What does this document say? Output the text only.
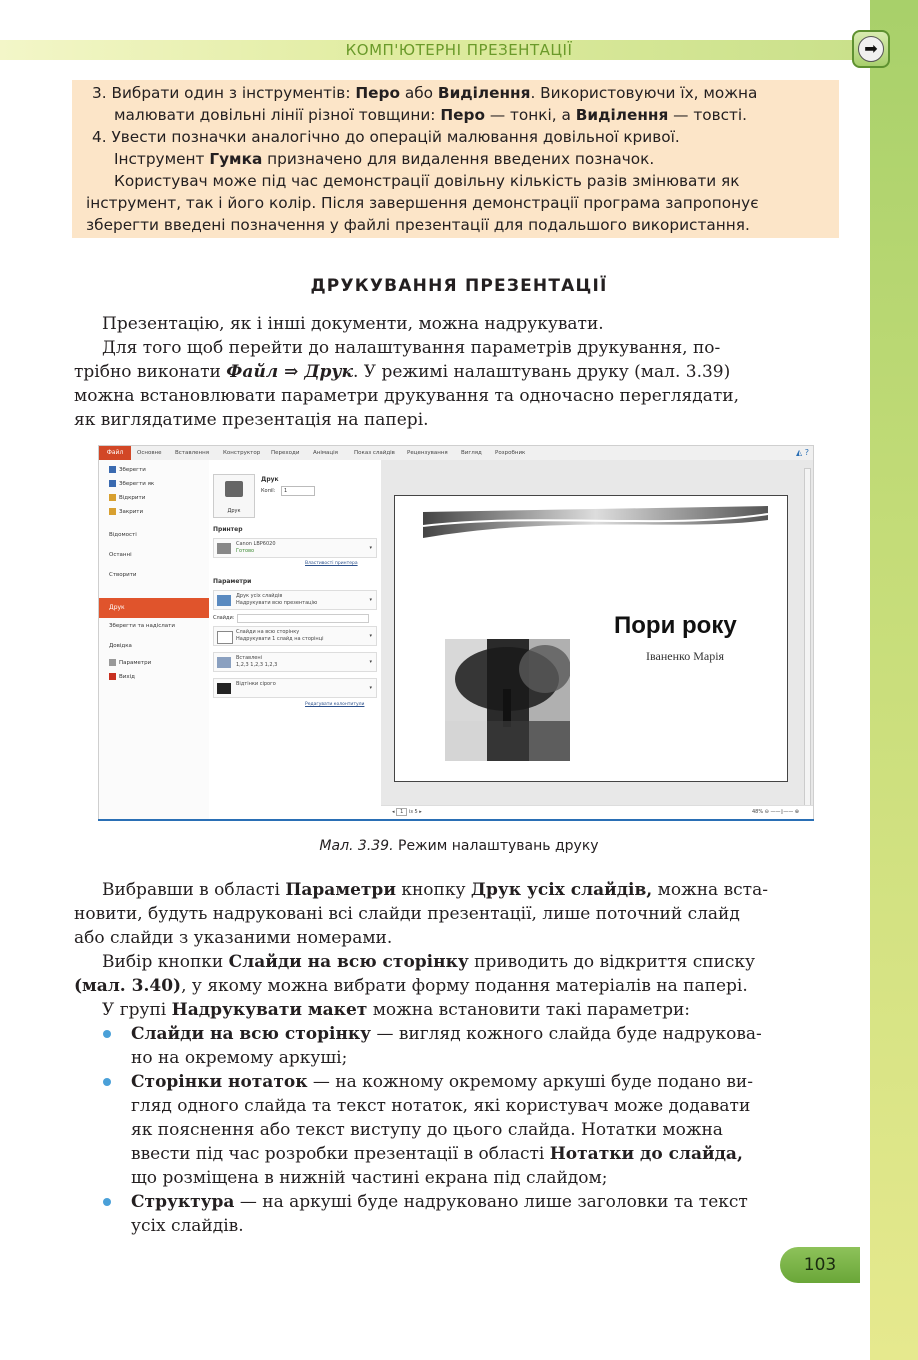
КОМП'ЮТЕРНІ ПРЕЗЕНТАЦІЇ	➡
3. Вибрати один з інструментів: Перо або Виділення. Використовуючи їх, можна
малювати довільні лінії різної товщини: Перо — тонкі, а Виділення — товсті.
4. Увести позначки аналогічно до операцій малювання довільної кривої.
Інструмент Гумка призначено для видалення введених позначок.
Користувач може під час демонстрації довільну кількість разів змінювати як
інструмент, так і його колір. Після завершення демонстрації програма запропонує
зберегти введені позначення у файлі презентації для подальшого використання.
ДРУКУВАННЯ ПРЕЗЕНТАЦІЇ
Презентацію, як і інші документи, можна надрукувати.
Для того щоб перейти до налаштування параметрів друкування, по-
трібно виконати Файл ⇒ Друк. У режимі налаштувань друку (мал. 3.39)
можна встановлювати параметри друкування та одночасно переглядати,
як виглядатиме презентація на папері.
Файл	Основне Вставлення	Конструктор Переходи Анімація	Показ слайдів Рецензування Вигляд Розробник	◭ ?
Зберегти
Зберегти як
Відкрити
Закрити
Відомості
Останні
Створити
Друк
Зберегти та надіслати
Довідка
Параметри
Вихід
Друк
Друк
Копії:	1
Принтер
Canon LBP6020
Готово	▾
Властивості принтера
Параметри
Друк усіх слайдів
Надрукувати всю презентацію	▾
Слайди:
Слайди на всю сторінку
Надрукувати 1 слайд на сторінці	▾
Вставлені
1,2,3 1,2,3 1,2,3	▾
Відтінки сірого
▾
Редагувати колонтитули
Пори року
Іваненко Марія
◂ 1 із 5 ▸	48% ⊖ ——▯—— ⊕
Мал. 3.39. Режим налаштувань друку
Вибравши в області Параметри кнопку Друк усіх слайдів, можна вста-
новити, будуть надруковані всі слайди презентації, лише поточний слайд
або слайди з указаними номерами.
Вибір кнопки Слайди на всю сторінку приводить до відкриття списку
(мал. 3.40), у якому можна вибрати форму подання матеріалів на папері.
У групі Надрукувати макет можна встановити такі параметри:
Слайди на всю сторінку — вигляд кожного слайда буде надрукова-
но на окремому аркуші;
Сторінки нотаток — на кожному окремому аркуші буде подано ви-
гляд одного слайда та текст нотаток, які користувач може додавати
як пояснення або текст виступу до цього слайда. Нотатки можна
ввести під час розробки презентації в області Нотатки до слайда,
що розміщена в нижній частині екрана під слайдом;
Структура — на аркуші буде надруковано лише заголовки та текст
усіх слайдів.
103
